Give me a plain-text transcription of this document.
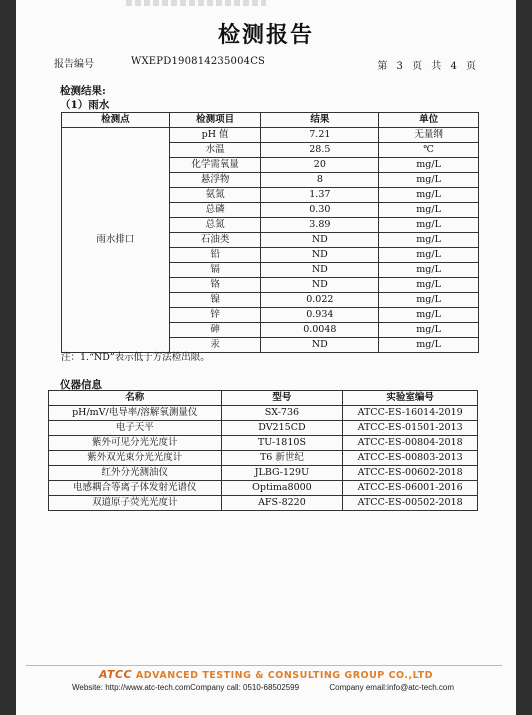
检测报告
报告编号	WXEPD190814235004CS	第 3 页 共 4 页
检测结果:
（1）雨水
检测点	检测项目	结果	单位
雨水排口	pH 值	7.21	无量纲
	水温	28.5	℃
	化学需氧量	20	mg/L
	悬浮物	8	mg/L
	氨氮	1.37	mg/L
	总磷	0.30	mg/L
	总氮	3.89	mg/L
	石油类	ND	mg/L
	铅	ND	mg/L
	镉	ND	mg/L
	铬	ND	mg/L
	镍	0.022	mg/L
	锌	0.934	mg/L
	砷	0.0048	mg/L
	汞	ND	mg/L
注：1.“ND”表示低于方法检出限。
仪器信息
名称	型号	实验室编号
pH/mV/电导率/溶解氧测量仪	SX-736	ATCC-ES-16014-2019
电子天平	DV215CD	ATCC-ES-01501-2013
紫外可见分光光度计	TU-1810S	ATCC-ES-00804-2018
紫外双光束分光光度计	T6 新世纪	ATCC-ES-00803-2013
红外分光测油仪	JLBG-129U	ATCC-ES-00602-2018
电感耦合等离子体发射光谱仪	Optima8000	ATCC-ES-06001-2016
双道原子荧光光度计	AFS-8220	ATCC-ES-00502-2018
ATCC ADVANCED TESTING & CONSULTING GROUP CO.,LTD
Website: http://www.atc-tech.comCompany call: 0510-68502599	Company email:info@atc-tech.com
